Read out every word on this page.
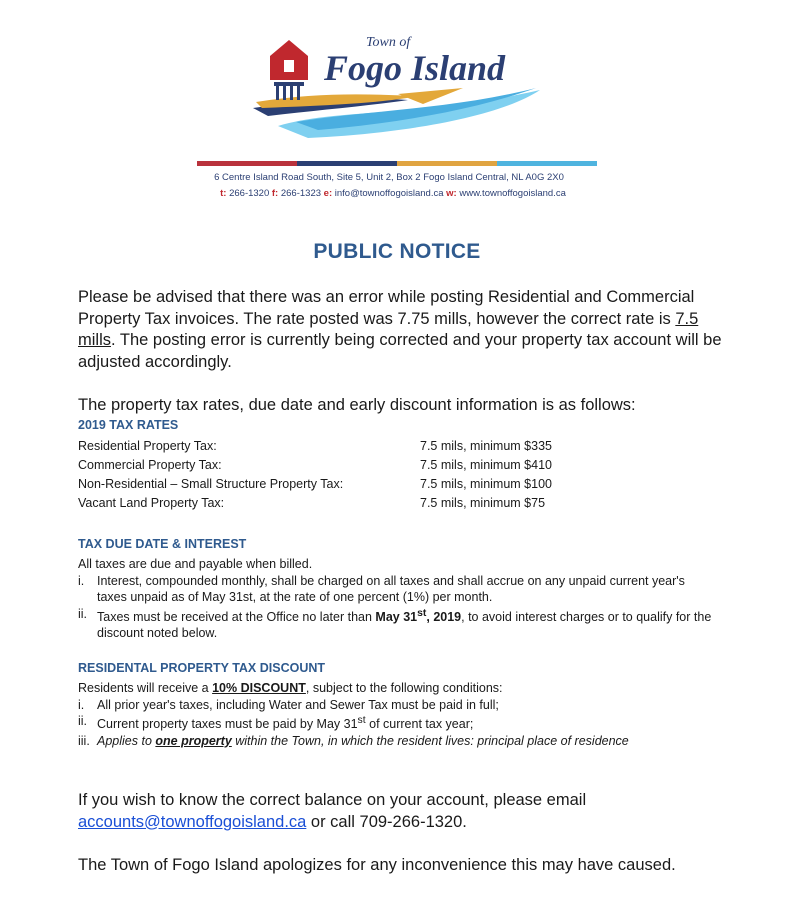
Town of
Fogo Island
6 Centre Island Road South, Site 5, Unit 2, Box 2 Fogo Island Central, NL A0G 2X0
t: 266-1320 f: 266-1323 e: info@townoffogoisland.ca w: www.townoffogoisland.ca
PUBLIC NOTICE
Please be advised that there was an error while posting Residential and Commercial Property Tax invoices. The rate posted was 7.75 mills, however the correct rate is 7.5 mills. The posting error is currently being corrected and your property tax account will be adjusted accordingly.
The property tax rates, due date and early discount information is as follows:
2019 TAX RATES
Residential Property Tax:	7.5 mils, minimum $335
Commercial Property Tax:	7.5 mils, minimum $410
Non-Residential – Small Structure Property Tax:	7.5 mils, minimum $100
Vacant Land Property Tax:	7.5 mils, minimum $75
TAX DUE DATE & INTEREST
All taxes are due and payable when billed.
i.	Interest, compounded monthly, shall be charged on all taxes and shall accrue on any unpaid current year's taxes unpaid as of May 31st, at the rate of one percent (1%) per month.
ii. Taxes must be received at the Office no later than May 31st, 2019, to avoid interest charges or to qualify for the discount noted below.
RESIDENTAL PROPERTY TAX DISCOUNT
Residents will receive a 10% DISCOUNT, subject to the following conditions:
i.	All prior year's taxes, including Water and Sewer Tax must be paid in full;
ii. Current property taxes must be paid by May 31st of current tax year;
iii. Applies to one property within the Town, in which the resident lives: principal place of residence
If you wish to know the correct balance on your account, please email accounts@townoffogoisland.ca or call 709-266-1320.
The Town of Fogo Island apologizes for any inconvenience this may have caused.
